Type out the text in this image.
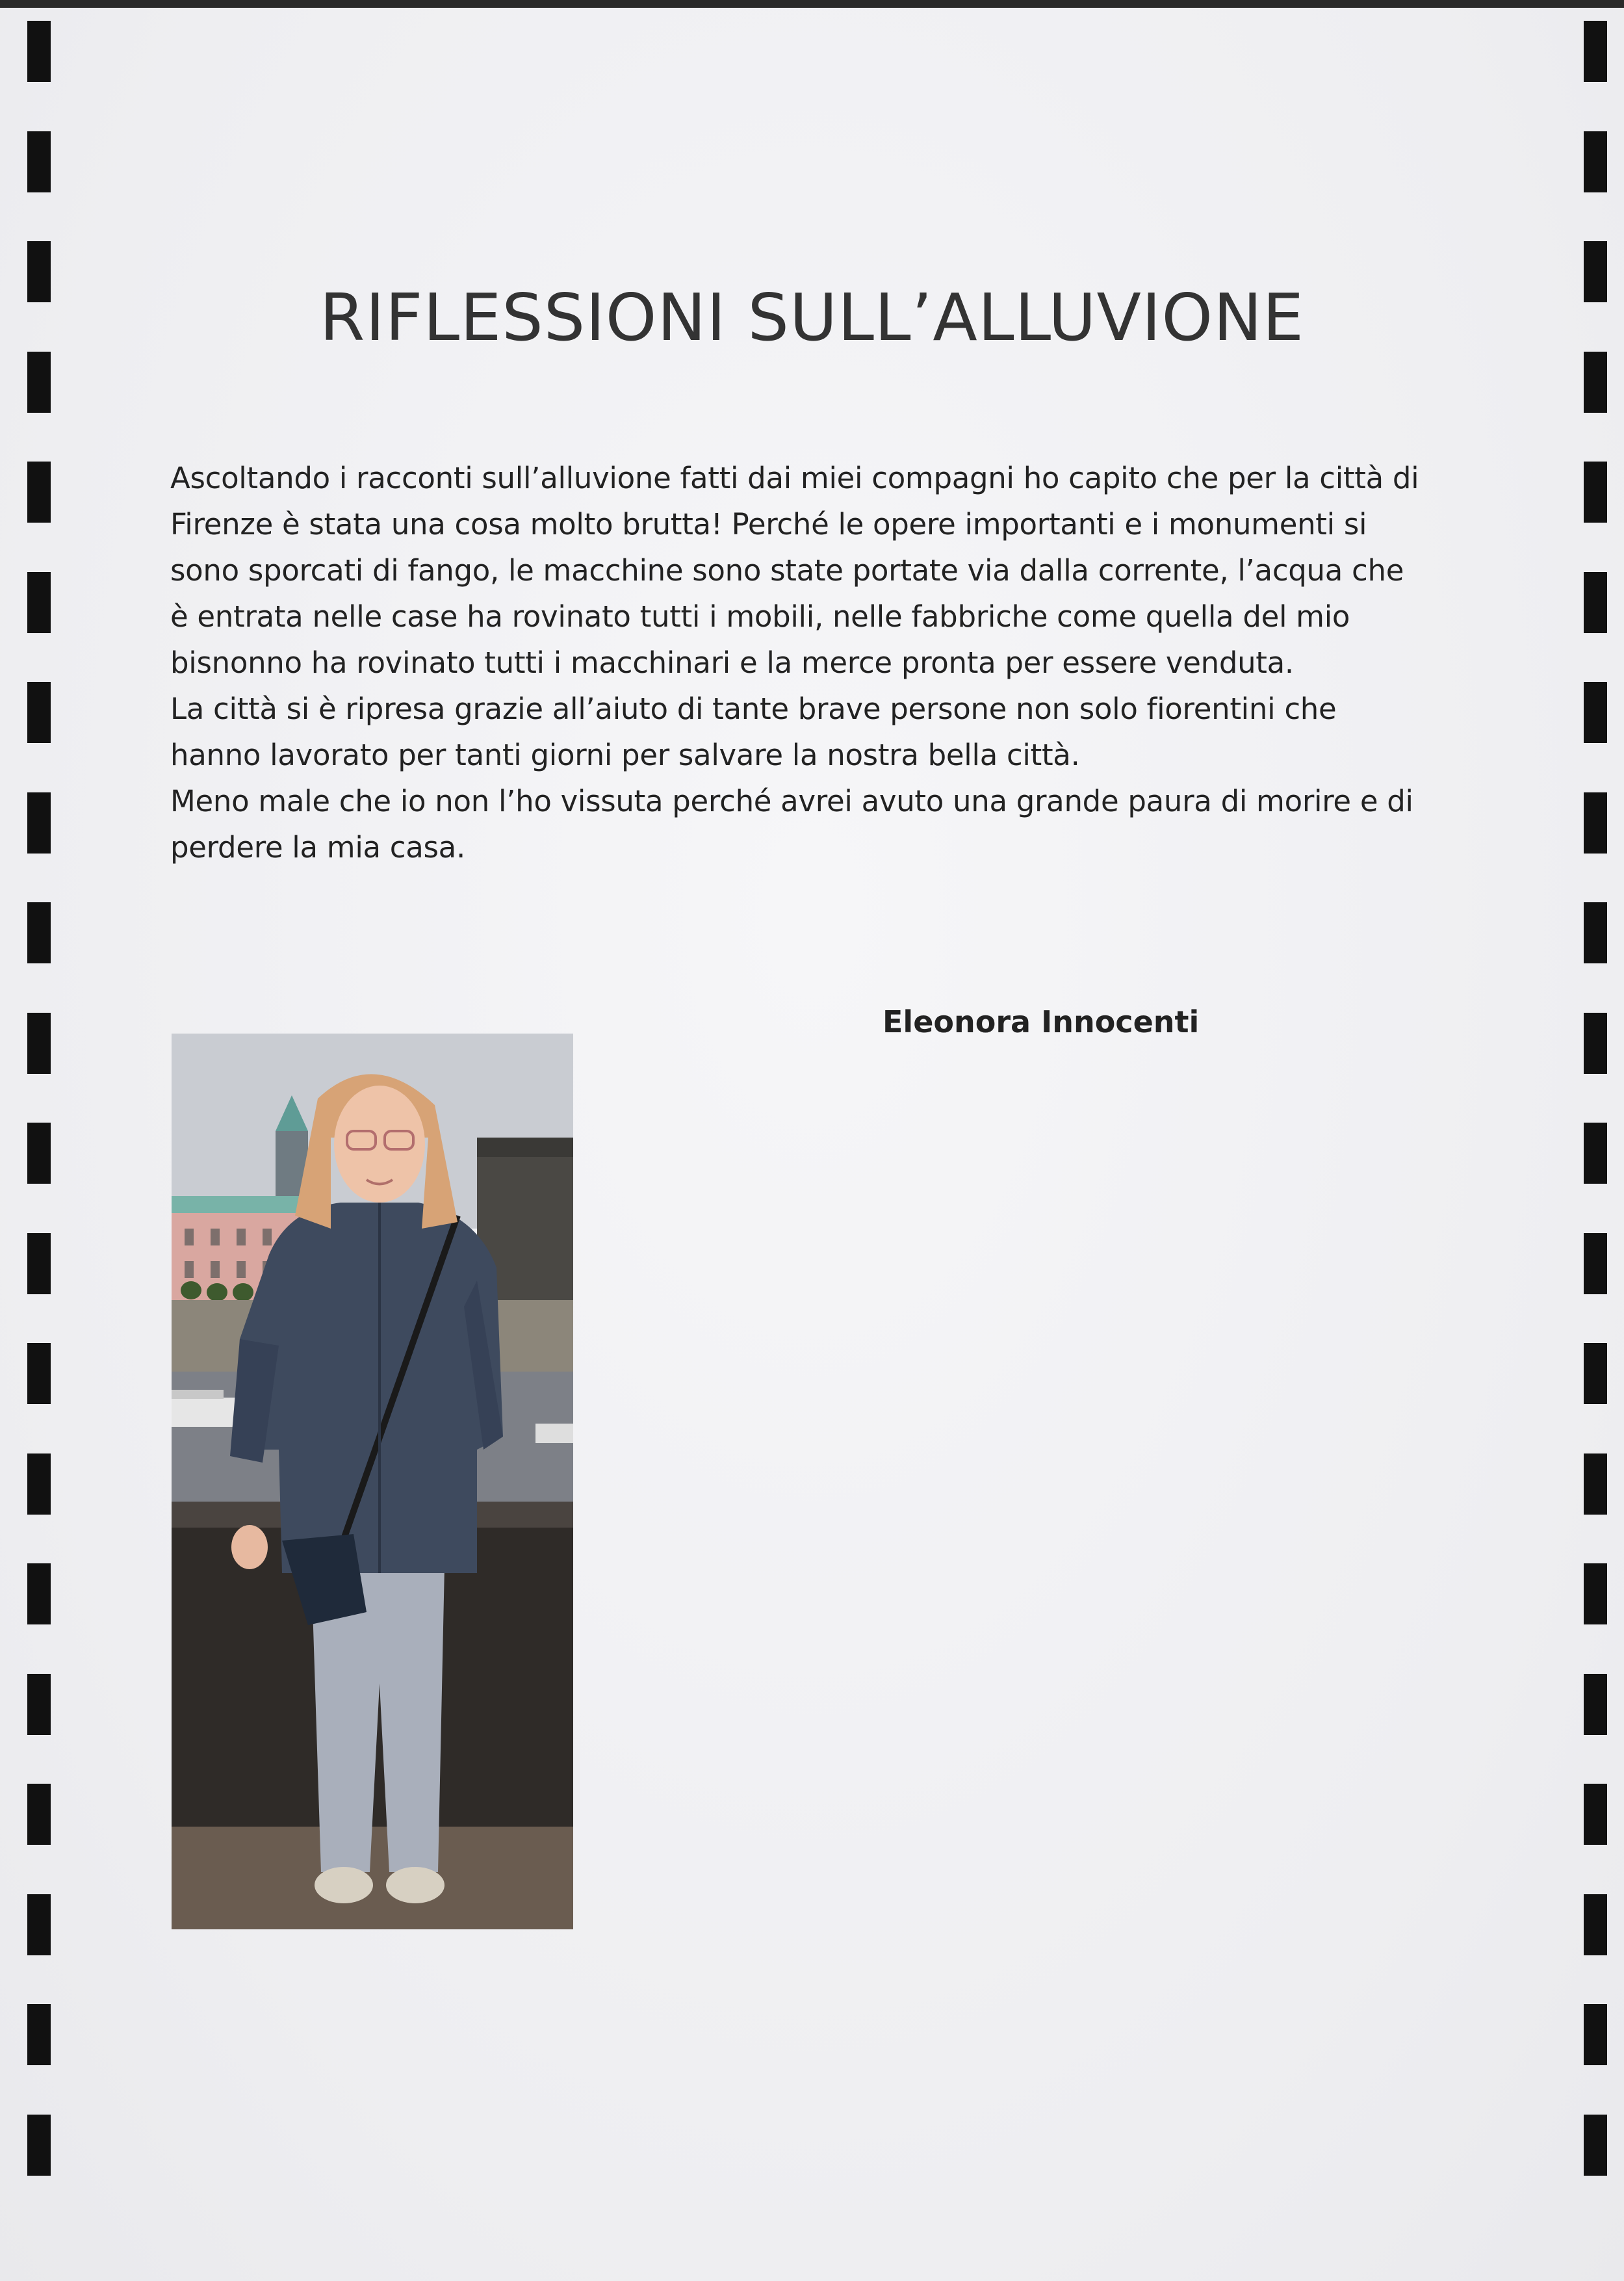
RIFLESSIONI SULL’ALLUVIONE
Ascoltando i racconti sull’alluvione fatti dai miei compagni ho capito che per la città di
Firenze è stata una cosa molto brutta! Perché le opere importanti e i monumenti si
sono sporcati di fango, le macchine sono state portate via dalla corrente, l’acqua che
è entrata nelle case ha rovinato tutti i mobili, nelle fabbriche come quella del mio
bisnonno ha rovinato tutti i macchinari e la merce pronta per essere venduta.
La città si è ripresa grazie all’aiuto di tante brave persone non solo fiorentini che
hanno lavorato per tanti giorni per salvare la nostra bella città.
Meno male che io non l’ho vissuta perché avrei avuto una grande paura di morire e di
perdere la mia casa.
Eleonora Innocenti
